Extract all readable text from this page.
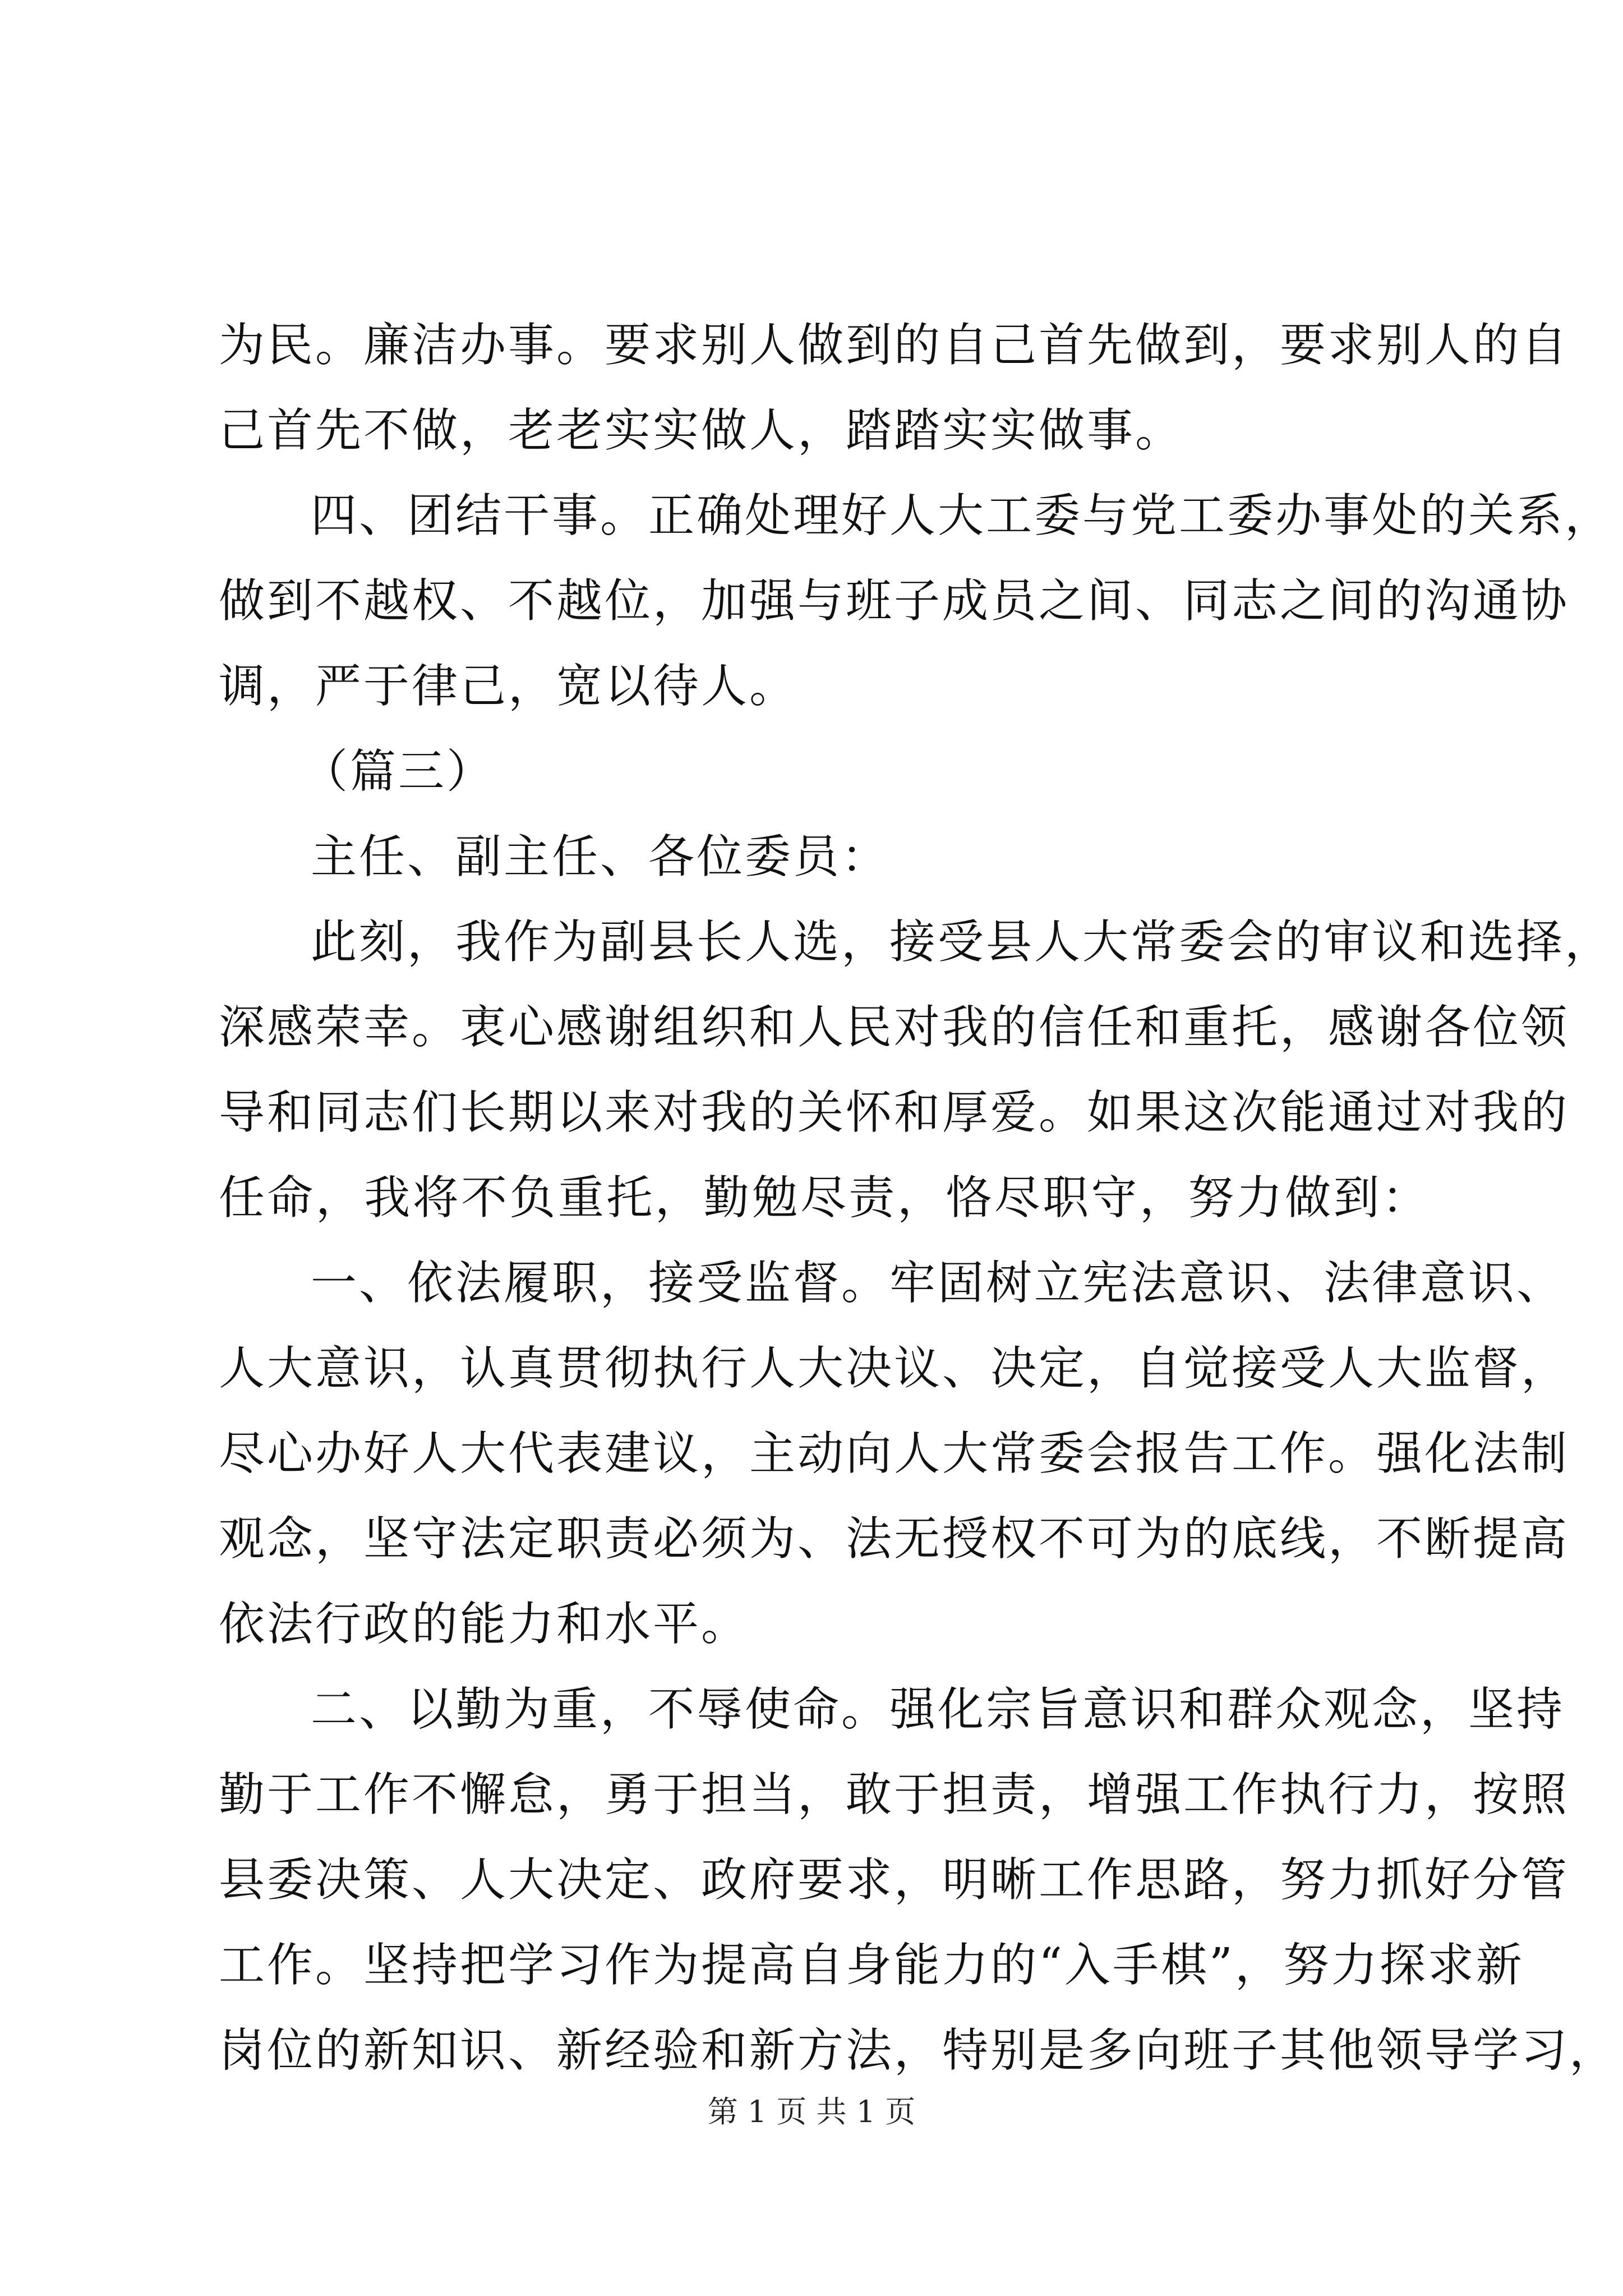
为民。廉洁办事。要求别人做到的自己首先做到，要求别人的自
己首先不做，老老实实做人，踏踏实实做事。
四、团结干事。正确处理好人大工委与党工委办事处的关系，
做到不越权、不越位，加强与班子成员之间、同志之间的沟通协
调，严于律己，宽以待人。
（篇三）
主任、副主任、各位委员：
此刻，我作为副县长人选，接受县人大常委会的审议和选择，
深感荣幸。衷心感谢组织和人民对我的信任和重托，感谢各位领
导和同志们长期以来对我的关怀和厚爱。如果这次能通过对我的
任命，我将不负重托，勤勉尽责，恪尽职守，努力做到：
一、依法履职，接受监督。牢固树立宪法意识、法律意识、
人大意识，认真贯彻执行人大决议、决定，自觉接受人大监督，
尽心办好人大代表建议，主动向人大常委会报告工作。强化法制
观念，坚守法定职责必须为、法无授权不可为的底线，不断提高
依法行政的能力和水平。
二、以勤为重，不辱使命。强化宗旨意识和群众观念，坚持
勤于工作不懈怠，勇于担当，敢于担责，增强工作执行力，按照
县委决策、人大决定、政府要求，明晰工作思路，努力抓好分管
工作。坚持把学习作为提高自身能力的“入手棋”，努力探求新
岗位的新知识、新经验和新方法，特别是多向班子其他领导学习，
第 1 页 共 1 页
